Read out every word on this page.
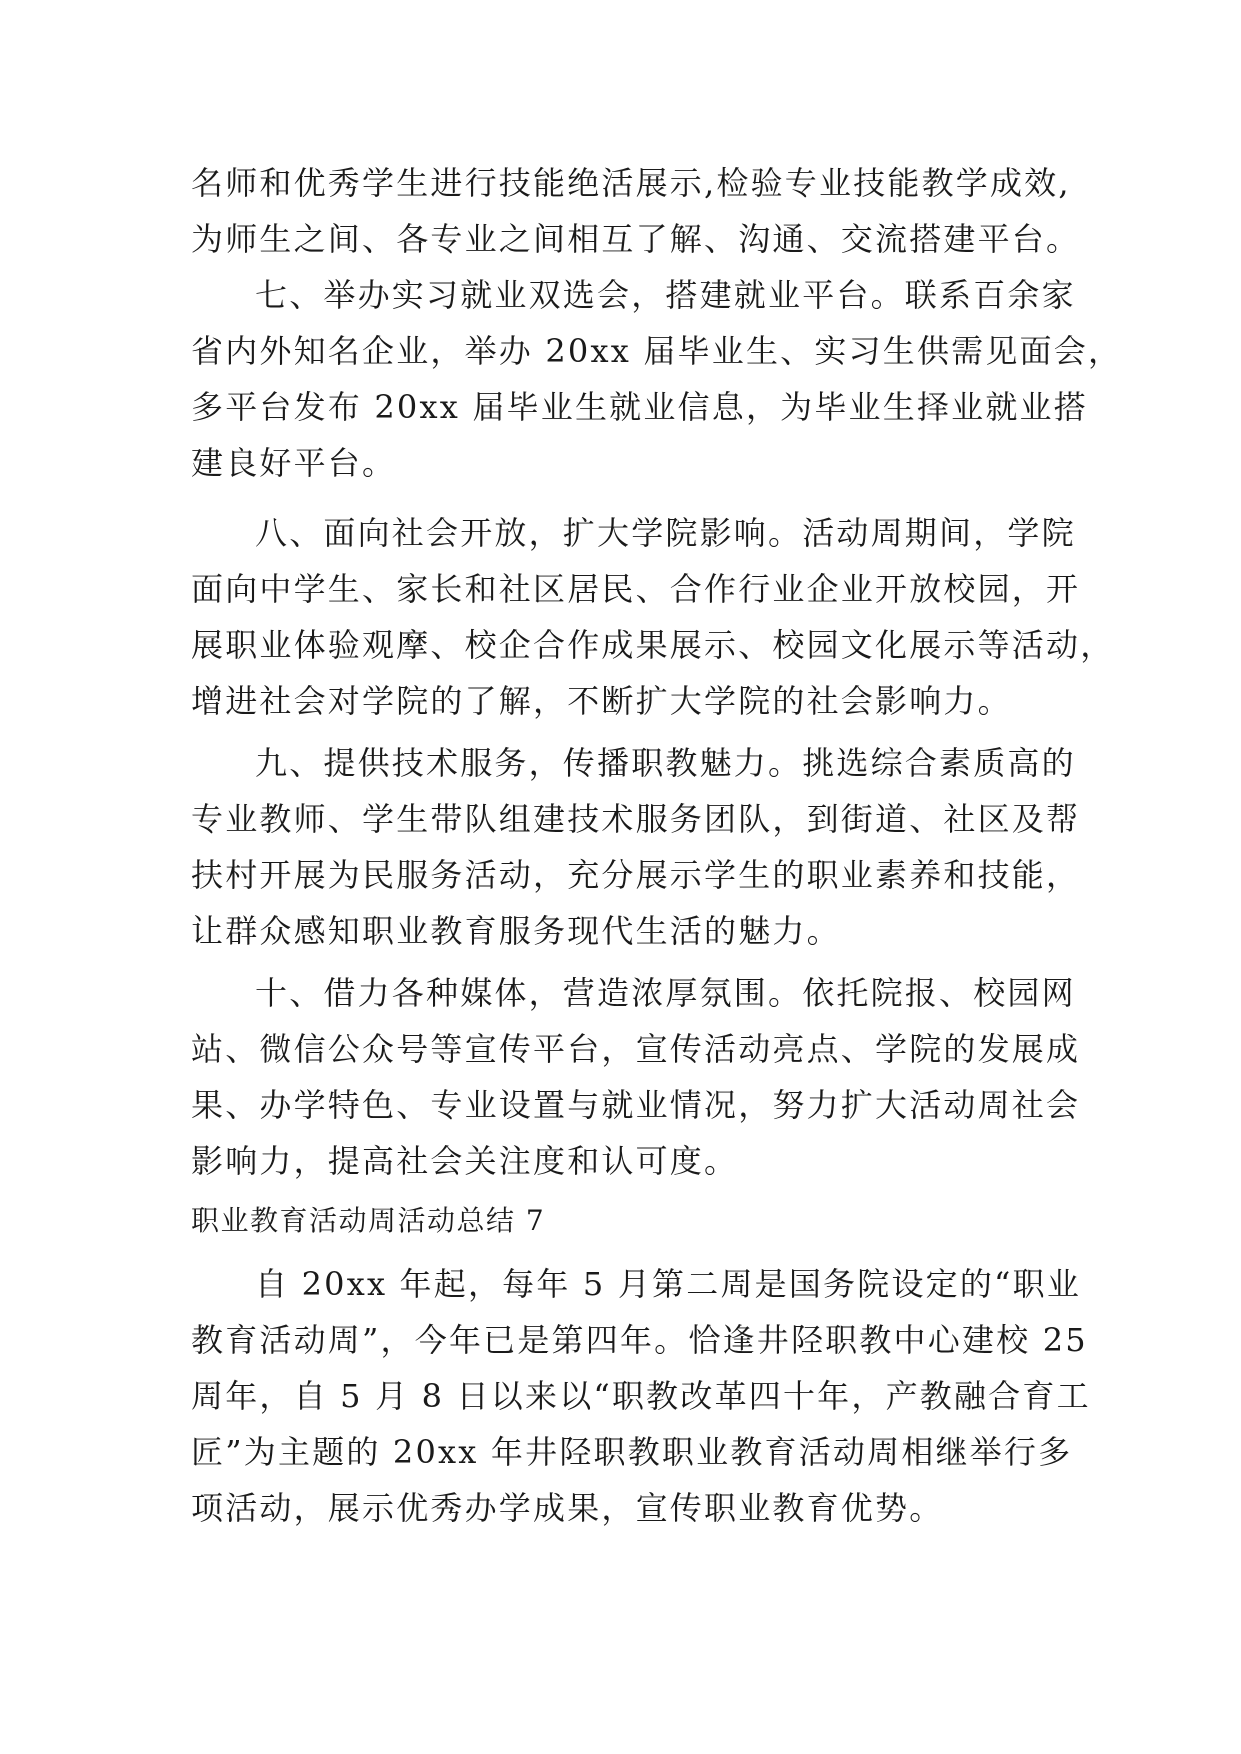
名师和优秀学生进行技能绝活展示,检验专业技能教学成效,
为师生之间、各专业之间相互了解、沟通、交流搭建平台。
七、举办实习就业双选会，搭建就业平台。联系百余家
省内外知名企业，举办 20xx 届毕业生、实习生供需见面会，
多平台发布 20xx 届毕业生就业信息，为毕业生择业就业搭
建良好平台。
八、面向社会开放，扩大学院影响。活动周期间，学院
面向中学生、家长和社区居民、合作行业企业开放校园，开
展职业体验观摩、校企合作成果展示、校园文化展示等活动，
增进社会对学院的了解，不断扩大学院的社会影响力。
九、提供技术服务，传播职教魅力。挑选综合素质高的
专业教师、学生带队组建技术服务团队，到街道、社区及帮
扶村开展为民服务活动，充分展示学生的职业素养和技能，
让群众感知职业教育服务现代生活的魅力。
十、借力各种媒体，营造浓厚氛围。依托院报、校园网
站、微信公众号等宣传平台，宣传活动亮点、学院的发展成
果、办学特色、专业设置与就业情况，努力扩大活动周社会
影响力，提高社会关注度和认可度。
职业教育活动周活动总结 7
自 20xx 年起，每年 5 月第二周是国务院设定的“职业
教育活动周”，今年已是第四年。恰逢井陉职教中心建校 25
周年，自 5 月 8 日以来以“职教改革四十年，产教融合育工
匠”为主题的 20xx 年井陉职教职业教育活动周相继举行多
项活动，展示优秀办学成果，宣传职业教育优势。
